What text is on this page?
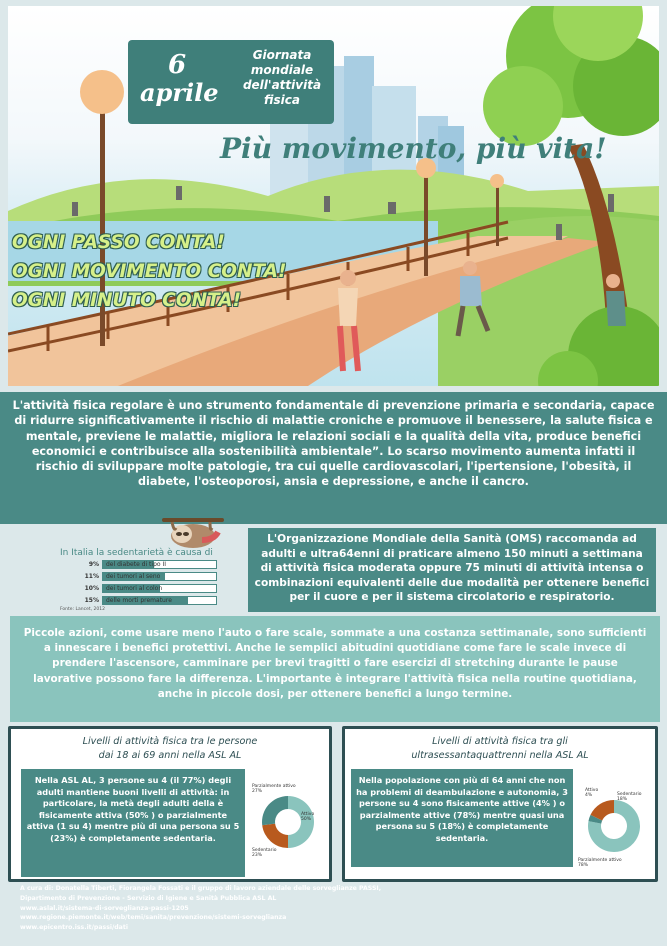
6
aprile
Giornata mondiale dell'attività fisica
Più movimento, più vita!
OGNI PASSO CONTA!
OGNI MOVIMENTO CONTA!
OGNI MINUTO CONTA!
L'attività fisica regolare è uno strumento fondamentale di prevenzione primaria e secondaria, capace di ridurre significativamente il rischio di malattie croniche e promuove il benessere, la salute fisica e mentale, previene le malattie, migliora le relazioni sociali e la qualità della vita, produce benefici economici e contribuisce alla sostenibilità ambientale”. Lo scarso movimento aumenta infatti il rischio di sviluppare molte patologie, tra cui quelle cardiovascolari, l'ipertensione, l'obesità, il diabete, l'osteoporosi, ansia e depressione, e anche il cancro.
In Italia la sedentarietà è causa di
9%	del diabete di tipo II
11%	dei tumori al seno
10%	dei tumori al colon
15%	delle morti premature
Fonte: Lancet, 2012
L'Organizzazione Mondiale della Sanità (OMS) raccomanda ad adulti e ultra64enni di praticare almeno 150 minuti a settimana di attività fisica moderata oppure 75 minuti di attività intensa o combinazioni equivalenti delle due modalità per ottenere benefici per il cuore e per il sistema circolatorio e respiratorio.
Piccole azioni, come usare meno l'auto o fare scale, sommate a una costanza settimanale, sono sufficienti a innescare i benefici protettivi. Anche le semplici abitudini quotidiane come fare le scale invece di prendere l'ascensore, camminare per brevi tragitti o fare esercizi di stretching durante le pause lavorative possono fare la differenza. L'importante è integrare l'attività fisica nella routine quotidiana, anche in piccole dosi, per ottenere benefici a lungo termine.
Livelli di attività fisica tra le persone
dai 18 ai 69 anni nella ASL AL
Nella ASL AL, 3 persone su 4 (il 77%) degli adulti mantiene buoni livelli di attività: in particolare, la metà degli adulti della è fisicamente attiva (50% ) o parzialmente attiva (1 su 4) mentre più di una persona su 5 (23%) è completamente sedentaria.
Attivo
50%
Sedentario
23%
Parzialmente attivo
27%
Livelli di attività fisica tra gli
ultrasessantaquattrenni nella ASL AL
Nella popolazione con più di 64 anni che non ha problemi di deambulazione e autonomia, 3 persone su 4 sono fisicamente attive (4% ) o parzialmente attive (78%) mentre quasi una persona su 5 (18%) è completamente sedentaria.
Parzialmente attivo
78%
Attivo
4%	Sedentario
18%
A cura di: Donatella Tiberti, Fiorangela Fossati e il gruppo di lavoro aziendale delle sorveglianze PASSI,
Dipartimento di Prevenzione - Servizio di Igiene e Sanità Pubblica ASL AL
www.aslal.it/sistema-di-sorveglianza-passi-1205
www.regione.piemonte.it/web/temi/sanita/prevenzione/sistemi-sorveglianza
www.epicentro.iss.it/passi/dati
